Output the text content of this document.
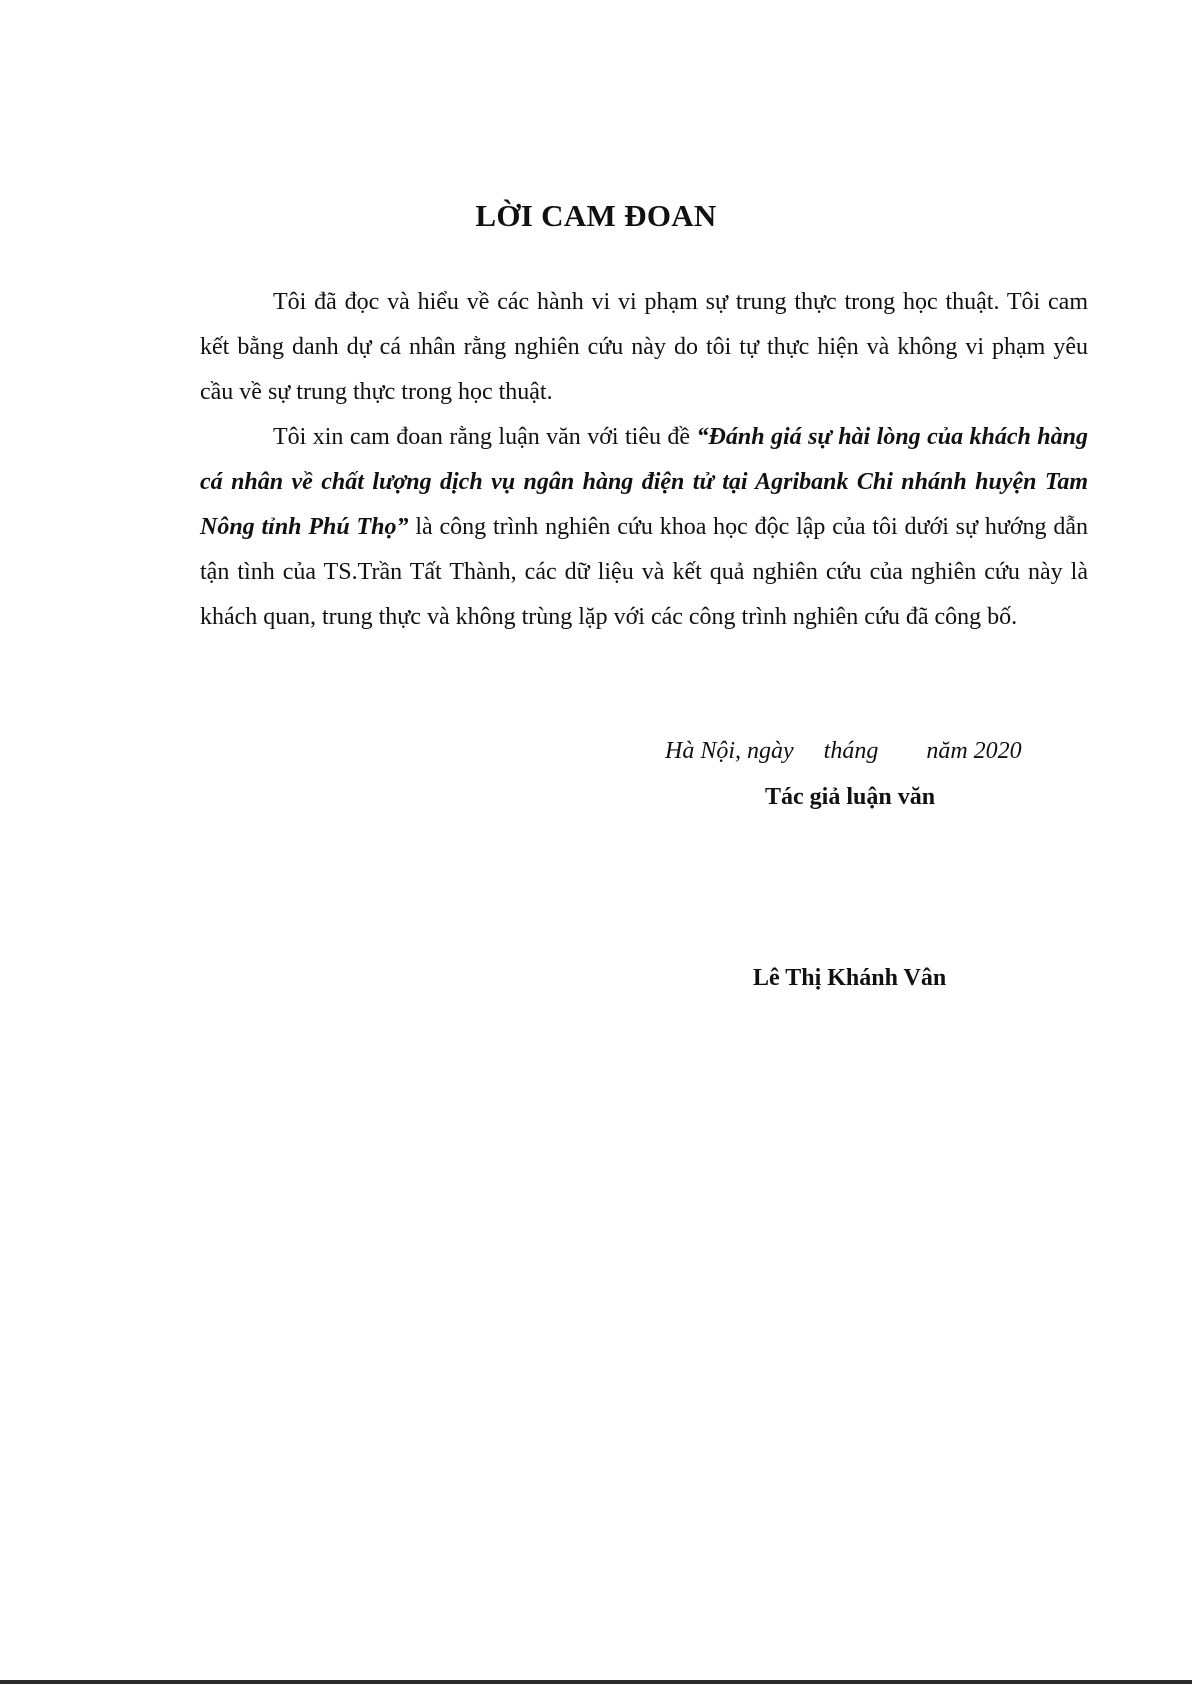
LỜI CAM ĐOAN

Tôi đã đọc và hiểu về các hành vi vi phạm sự trung thực trong học thuật. Tôi cam kết bằng danh dự cá nhân rằng nghiên cứu này do tôi tự thực hiện và không vi phạm yêu cầu về sự trung thực trong học thuật.

Tôi xin cam đoan rằng luận văn với tiêu đề “Đánh giá sự hài lòng của khách hàng cá nhân về chất lượng dịch vụ ngân hàng điện tử tại Agribank Chi nhánh huyện Tam Nông tỉnh Phú Thọ” là công trình nghiên cứu khoa học độc lập của tôi dưới sự hướng dẫn tận tình của TS.Trần Tất Thành, các dữ liệu và kết quả nghiên cứu của nghiên cứu này là khách quan, trung thực và không trùng lặp với các công trình nghiên cứu đã công bố.

Hà Nội, ngày tháng năm 2020
Tác giả luận văn
Lê Thị Khánh Vân
